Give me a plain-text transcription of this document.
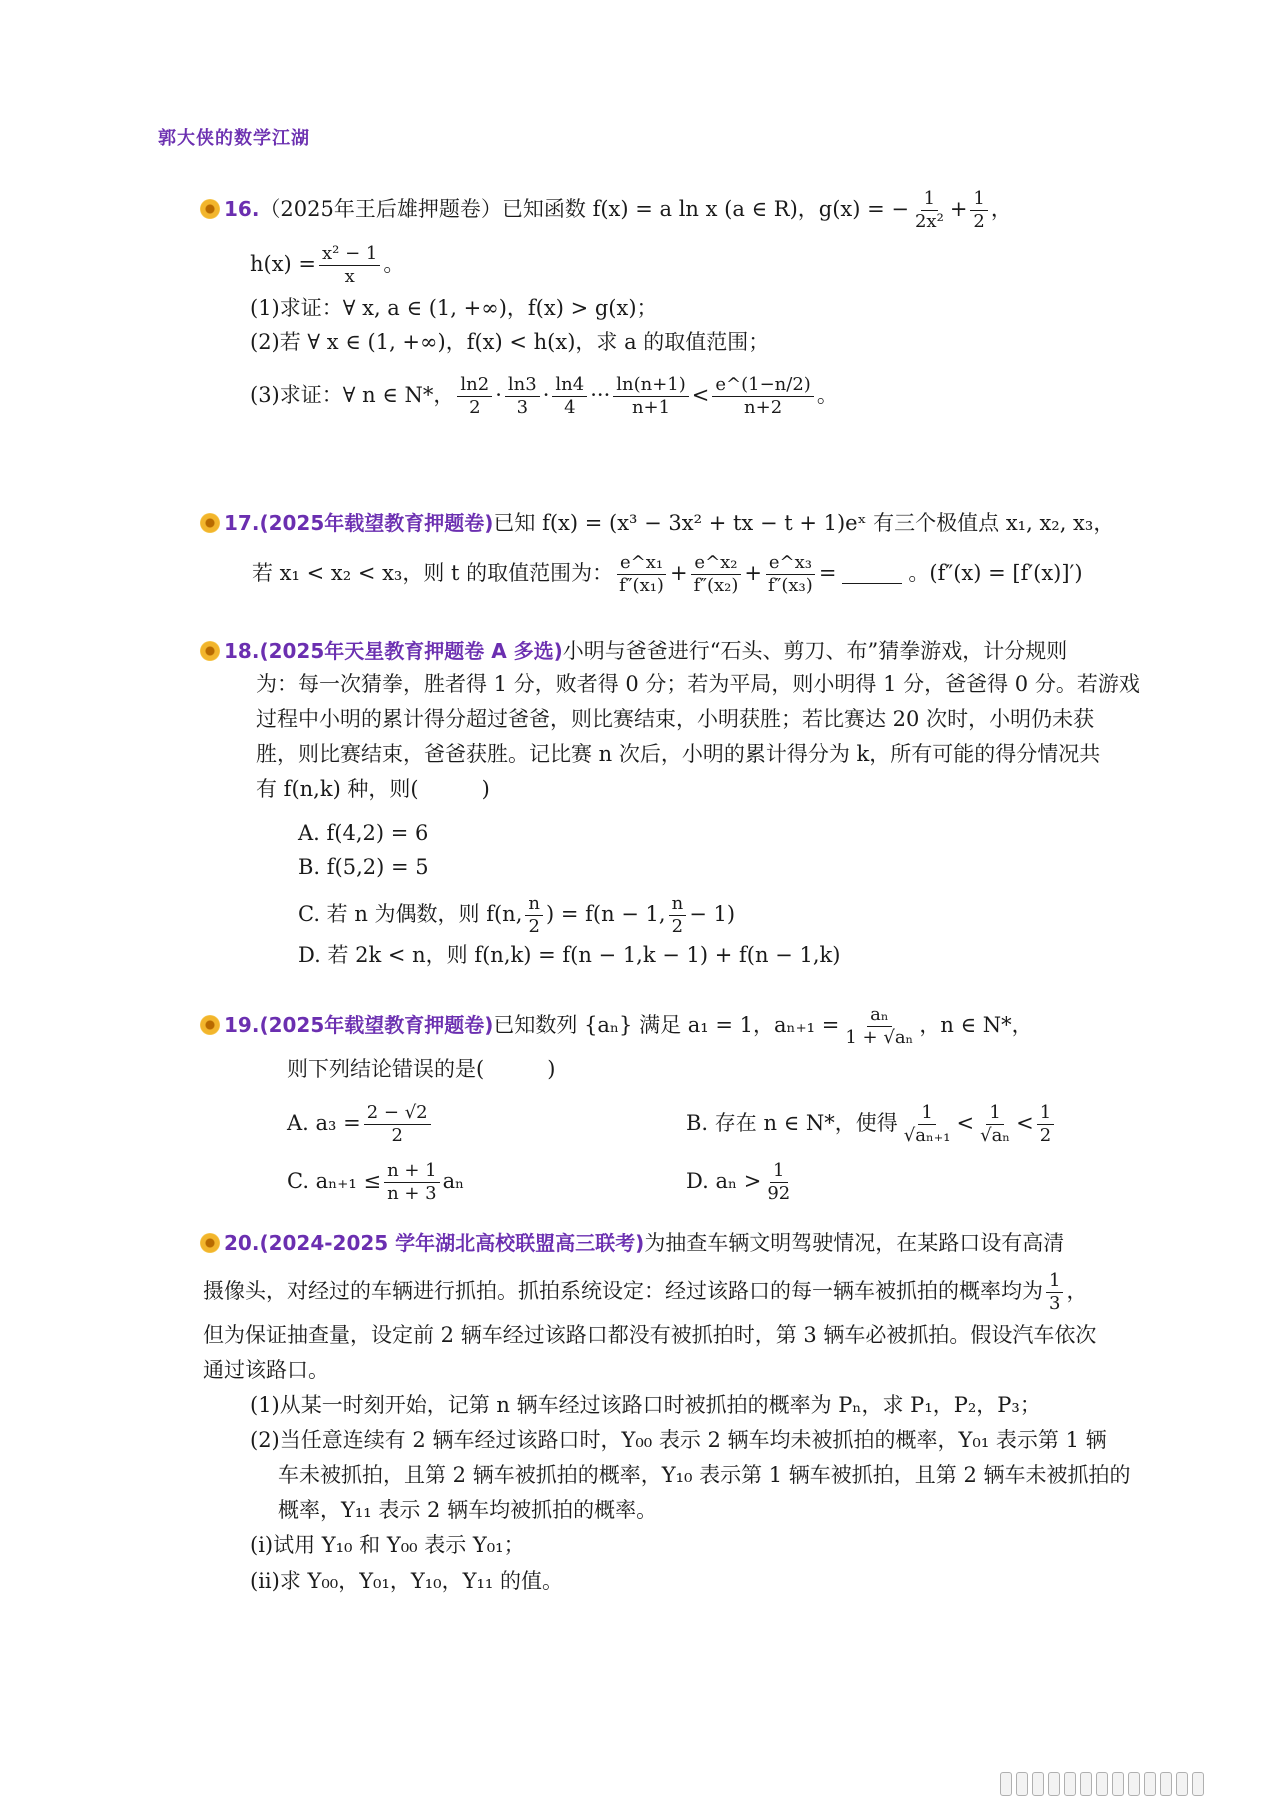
郭大侠的数学江湖
16.（2025年王后雄押题卷）已知函数 f(x) = a ln x (a ∈ R)，g(x) = − $\frac{1}{\text{2x²}} + \frac{1}{2}$ ，
$h(x) = \frac{\text{x² − 1}}{x}$ 。
(1)求证：∀ x, a ∈ (1, +∞)，f(x) > g(x)；
(2)若 ∀ x ∈ (1, +∞)，f(x) < h(x)，求 a 的取值范围；
(3)求证：∀ n ∈ N*， $\frac{\ln 2}{2} \cdot \frac{\ln 3}{3} \cdot \frac{\ln 4}{4}$ ··· $\frac{\ln(n+1)}{n+1} < \frac{e\^{}(1-n/2)}{n+2}$ 。
17.(2025年载望教育押题卷)已知 f(x) = (x³ − 3x² + tx − t + 1)eˣ 有三个极值点 x₁, x₂, x₃，
若 x₁ < x₂ < x₃，则 t 的取值范围为： $\frac{\text{e\textasciicircum{}x₁}}{\text{f″(x₁)}} + \frac{\text{e\textasciicircum{}x₂}}{\text{f″(x₂)}} + \frac{\text{e\textasciicircum{}x₃}}{\text{f″(x₃)}}$ =	。(f″(x) = [f′(x)]′)
18.(2025年天星教育押题卷 A 多选)小明与爸爸进行“石头、剪刀、布”猜拳游戏，计分规则
为：每一次猜拳，胜者得 1 分，败者得 0 分；若为平局，则小明得 1 分，爸爸得 0 分。若游戏
过程中小明的累计得分超过爸爸，则比赛结束，小明获胜；若比赛达 20 次时，小明仍未获
胜，则比赛结束，爸爸获胜。记比赛 n 次后，小明的累计得分为 k，所有可能的得分情况共
有 f(n,k) 种，则(　　　)
A. f(4,2) = 6
B. f(5,2) = 5
C. 若 n 为偶数，则 f(n, $\frac{n}{2}$ ) = f(n − 1, $\frac{n}{2} - 1$)
D. 若 2k < n，则 f(n,k) = f(n − 1,k − 1) + f(n − 1,k)
19.(2025年载望教育押题卷)已知数列 {aₙ} 满足 a₁ = 1，$a_{n+1} = \frac{\text{aₙ}}{\text{1 + √aₙ}}$ ，n ∈ N*，
则下列结论错误的是(　　　)
A. $a_3 = \frac{2 - √2}{2}$	B. 存在 n ∈ N*，使得 $\frac{1}{\text{√aₙ₊₁}} < \frac{1}{\text{√aₙ}} < \frac{1}{2}$
C. $a_{n+1} \le \frac{n + 1}{n + 3}$ aₙ	D. $a_n > \frac{1}{92}$
20.(2024-2025 学年湖北高校联盟高三联考)为抽查车辆文明驾驶情况，在某路口设有高清
摄像头，对经过的车辆进行抓拍。抓拍系统设定：经过该路口的每一辆车被抓拍的概率均为 $\frac{1}{3}$ ，
但为保证抽查量，设定前 2 辆车经过该路口都没有被抓拍时，第 3 辆车必被抓拍。假设汽车依次
通过该路口。
(1)从某一时刻开始，记第 n 辆车经过该路口时被抓拍的概率为 Pₙ，求 P₁，P₂，P₃；
(2)当任意连续有 2 辆车经过该路口时，Y₀₀ 表示 2 辆车均未被抓拍的概率，Y₀₁ 表示第 1 辆
车未被抓拍，且第 2 辆车被抓拍的概率，Y₁₀ 表示第 1 辆车被抓拍，且第 2 辆车未被抓拍的
概率，Y₁₁ 表示 2 辆车均被抓拍的概率。
(i)试用 Y₁₀ 和 Y₀₀ 表示 Y₀₁；
(ii)求 Y₀₀，Y₀₁，Y₁₀，Y₁₁ 的值。
